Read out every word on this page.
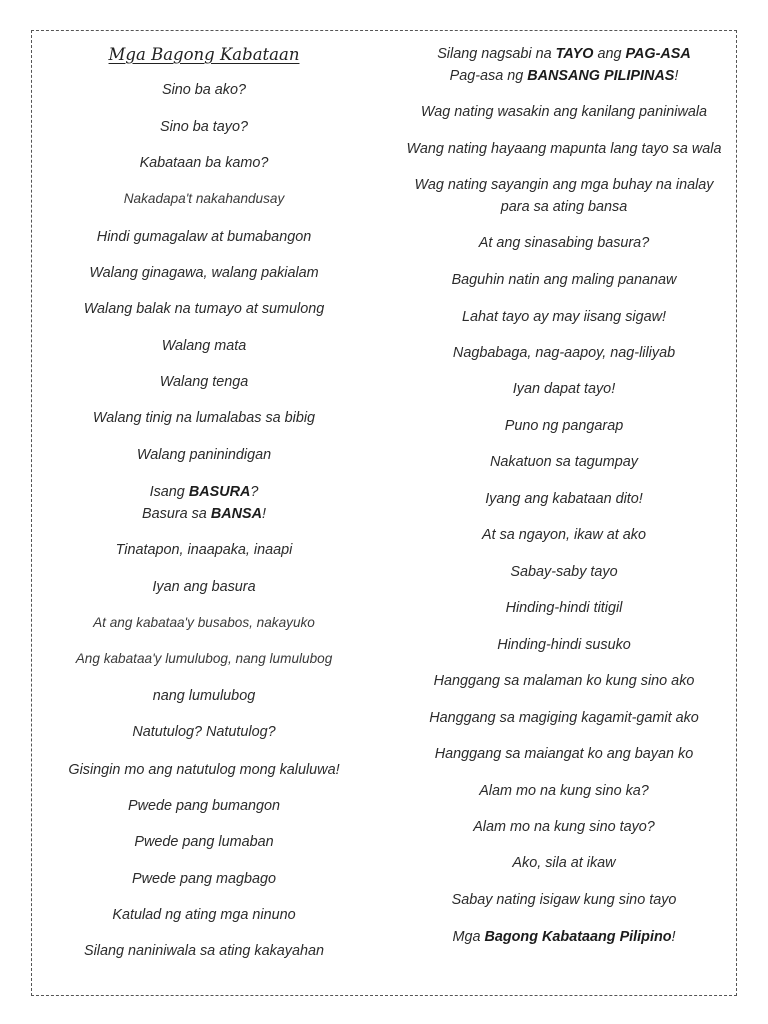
Mga Bagong Kabataan
Sino ba ako?
Sino ba tayo?
Kabataan ba kamo?
Nakadapa't nakahandusay
Hindi gumagalaw at bumabangon
Walang ginagawa, walang pakialam
Walang balak na tumayo at sumulong
Walang mata
Walang tenga
Walang tinig na lumalabas sa bibig
Walang paninindigan
Isang BASURA?
Basura sa BANSA!
Tinatapon, inaapaka, inaapi
Iyan ang basura
At ang kabataa'y busabos, nakayuko
Ang kabataa'y lumulubog, nang lumulubog
nang lumulubog
Natutulog? Natutulog?
Gisingin mo ang natutulog mong kaluluwa!
Pwede pang bumangon
Pwede pang lumaban
Pwede pang magbago
Katulad ng ating mga ninuno
Silang naniniwala sa ating kakayahan
Silang nagsabi na TAYO ang PAG-ASA
Pag-asa ng BANSANG PILIPINAS!
Wag nating wasakin ang kanilang paniniwala
Wang nating hayaang mapunta lang tayo sa wala
Wag nating sayangin ang mga buhay na inalay
para sa ating bansa
At ang sinasabing basura?
Baguhin natin ang maling pananaw
Lahat tayo ay may iisang sigaw!
Nagbabaga, nag-aapoy, nag-liliyab
Iyan dapat tayo!
Puno ng pangarap
Nakatuon sa tagumpay
Iyang ang kabataan dito!
At sa ngayon, ikaw at ako
Sabay-saby tayo
Hinding-hindi titigil
Hinding-hindi susuko
Hanggang sa malaman ko kung sino ako
Hanggang sa magiging kagamit-gamit ako
Hanggang sa maiangat ko ang bayan ko
Alam mo na kung sino ka?
Alam mo na kung sino tayo?
Ako, sila at ikaw
Sabay nating isigaw kung sino tayo
Mga Bagong Kabataang Pilipino!
